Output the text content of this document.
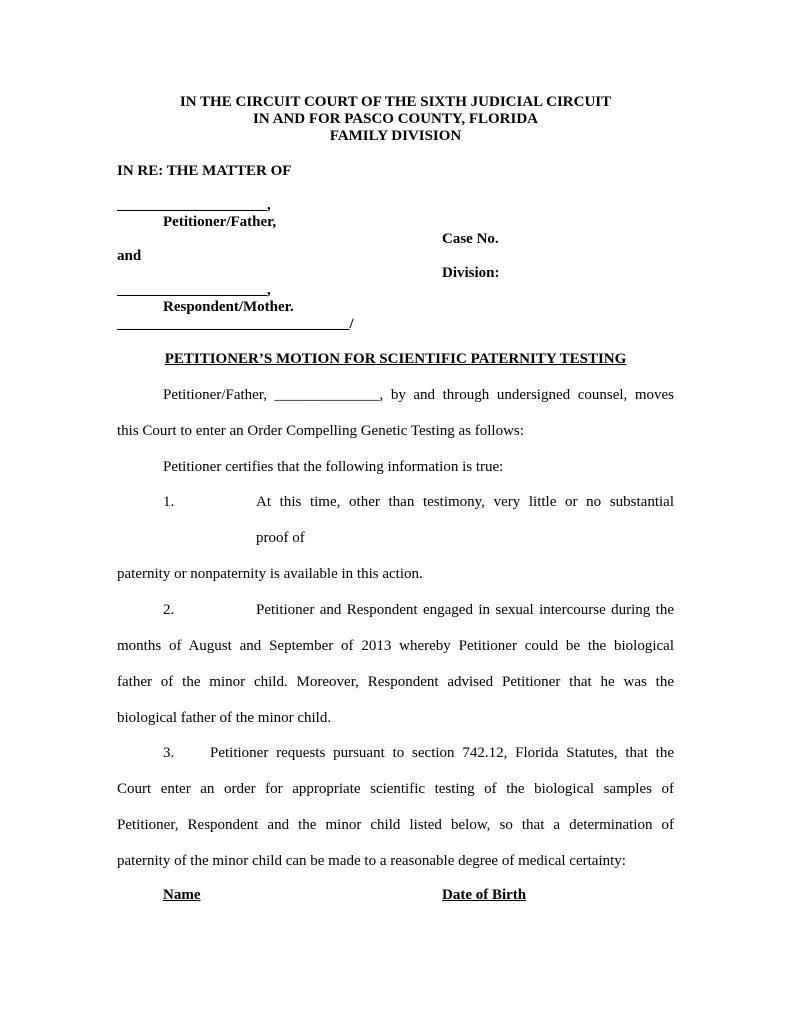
IN THE CIRCUIT COURT OF THE SIXTH JUDICIAL CIRCUIT
IN AND FOR PASCO COUNTY, FLORIDA
FAMILY DIVISION
IN RE: THE MATTER OF
____________________,
Petitioner/Father,
Case No.
and
Division:
____________________,
Respondent/Mother.
_______________________________/
PETITIONER’S MOTION FOR SCIENTIFIC PATERNITY TESTING
Petitioner/Father, ______________, by and through undersigned counsel, moves
this Court to enter an Order Compelling Genetic Testing as follows:
Petitioner certifies that the following information is true:
1.	At this time, other than testimony, very little or no substantial
proof of
paternity or nonpaternity is available in this action.
2.	Petitioner and Respondent engaged in sexual intercourse during the
months of August and September of 2013 whereby Petitioner could be the biological
father of the minor child. Moreover, Respondent advised Petitioner that he was the
biological father of the minor child.
3. Petitioner requests pursuant to section 742.12, Florida Statutes, that the
Court enter an order for appropriate scientific testing of the biological samples of
Petitioner, Respondent and the minor child listed below, so that a determination of
paternity of the minor child can be made to a reasonable degree of medical certainty:
Name	Date of Birth
